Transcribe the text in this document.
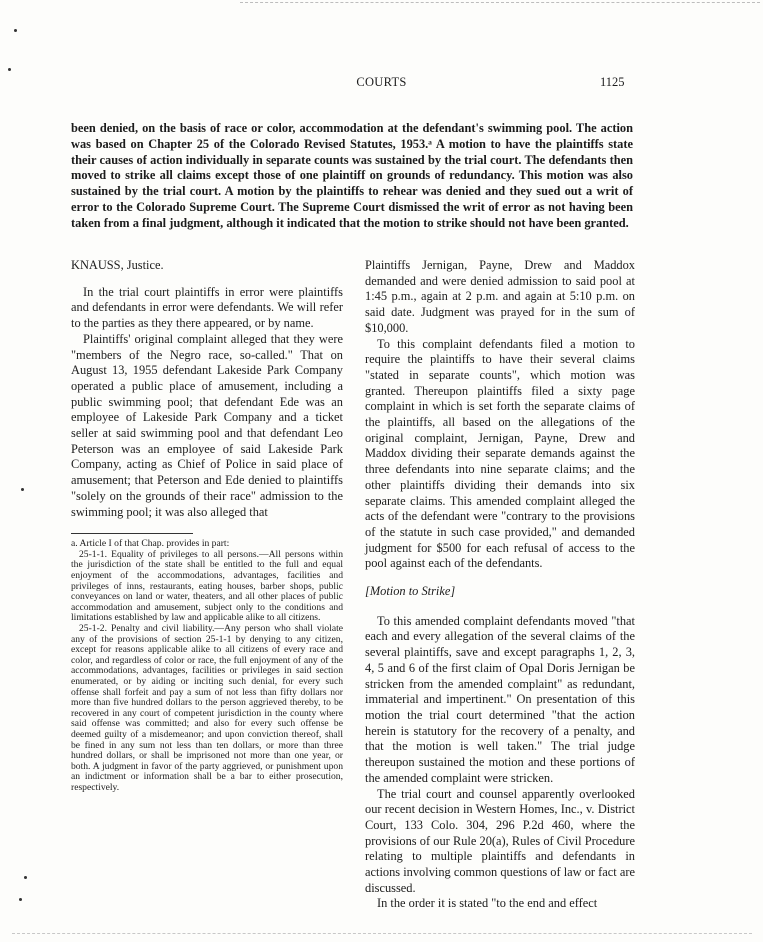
COURTS	1125
been denied, on the basis of race or color, accommodation at the defendant's swimming pool. The action was based on Chapter 25 of the Colorado Revised Statutes, 1953.ᵃ A motion to have the plaintiffs state their causes of action individually in separate counts was sustained by the trial court. The defendants then moved to strike all claims except those of one plaintiff on grounds of redundancy. This motion was also sustained by the trial court. A motion by the plaintiffs to rehear was denied and they sued out a writ of error to the Colorado Supreme Court. The Supreme Court dismissed the writ of error as not having been taken from a final judgment, although it indicated that the motion to strike should not have been granted.

KNAUSS, Justice.

In the trial court plaintiffs in error were plaintiffs and defendants in error were defendants. We will refer to the parties as they there appeared, or by name.

Plaintiffs' original complaint alleged that they were "members of the Negro race, so-called." That on August 13, 1955 defendant Lakeside Park Company operated a public place of amusement, including a public swimming pool; that defendant Ede was an employee of Lakeside Park Company and a ticket seller at said swimming pool and that defendant Leo Peterson was an employee of said Lakeside Park Company, acting as Chief of Police in said place of amusement; that Peterson and Ede denied to plaintiffs "solely on the grounds of their race" admission to the swimming pool; it was also alleged that

a. Article I of that Chap. provides in part:

25-1-1. Equality of privileges to all persons.—All persons within the jurisdiction of the state shall be entitled to the full and equal enjoyment of the accommodations, advantages, facilities and privileges of inns, restaurants, eating houses, barber shops, public conveyances on land or water, theaters, and all other places of public accommodation and amusement, subject only to the conditions and limitations established by law and applicable alike to all citizens.

25-1-2. Penalty and civil liability.—Any person who shall violate any of the provisions of section 25-1-1 by denying to any citizen, except for reasons applicable alike to all citizens of every race and color, and regardless of color or race, the full enjoyment of any of the accommodations, advantages, facilities or privileges in said section enumerated, or by aiding or inciting such denial, for every such offense shall forfeit and pay a sum of not less than fifty dollars nor more than five hundred dollars to the person aggrieved thereby, to be recovered in any court of competent jurisdiction in the county where said offense was committed; and also for every such offense be deemed guilty of a misdemeanor; and upon conviction thereof, shall be fined in any sum not less than ten dollars, or more than three hundred dollars, or shall be imprisoned not more than one year, or both. A judgment in favor of the party aggrieved, or punishment upon an indictment or information shall be a bar to either prosecution, respectively.

Plaintiffs Jernigan, Payne, Drew and Maddox demanded and were denied admission to said pool at 1:45 p.m., again at 2 p.m. and again at 5:10 p.m. on said date. Judgment was prayed for in the sum of $10,000.

To this complaint defendants filed a motion to require the plaintiffs to have their several claims "stated in separate counts", which motion was granted. Thereupon plaintiffs filed a sixty page complaint in which is set forth the separate claims of the plaintiffs, all based on the allegations of the original complaint, Jernigan, Payne, Drew and Maddox dividing their separate demands against the three defendants into nine separate claims; and the other plaintiffs dividing their demands into six separate claims. This amended complaint alleged the acts of the defendant were "contrary to the provisions of the statute in such case provided," and demanded judgment for $500 for each refusal of access to the pool against each of the defendants.

[Motion to Strike]

To this amended complaint defendants moved "that each and every allegation of the several claims of the several plaintiffs, save and except paragraphs 1, 2, 3, 4, 5 and 6 of the first claim of Opal Doris Jernigan be stricken from the amended complaint" as redundant, immaterial and impertinent." On presentation of this motion the trial court determined "that the action herein is statutory for the recovery of a penalty, and that the motion is well taken." The trial judge thereupon sustained the motion and these portions of the amended complaint were stricken.

The trial court and counsel apparently overlooked our recent decision in Western Homes, Inc., v. District Court, 133 Colo. 304, 296 P.2d 460, where the provisions of our Rule 20(a), Rules of Civil Procedure relating to multiple plaintiffs and defendants in actions involving common questions of law or fact are discussed.

In the order it is stated "to the end and effect
